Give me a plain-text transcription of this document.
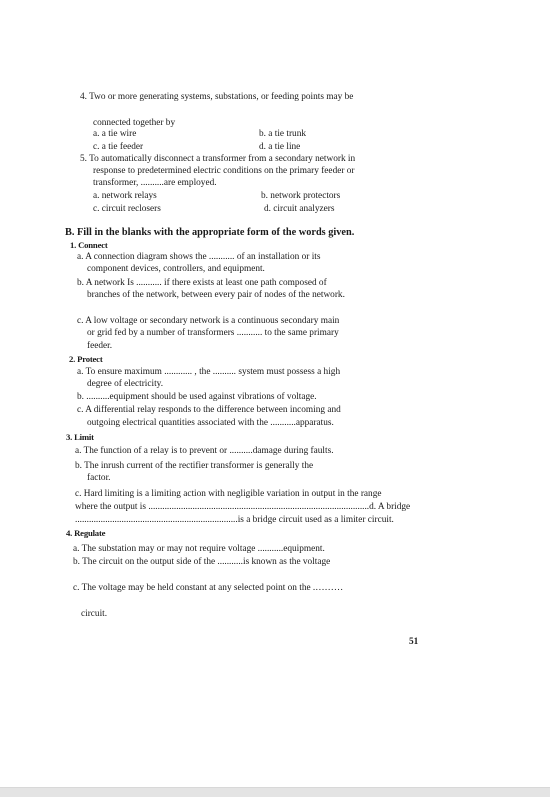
4. Two or more generating systems, substations, or feeding points may be
connected together by
a. a tie wire	b. a tie trunk
c. a tie feeder	d. a tie line
5. To automatically disconnect a transformer from a secondary network in
response to predetermined electric conditions on the primary feeder or
transformer, ..........are employed.
a. network relays	b. network protectors
c. circuit reclosers	d. circuit analyzers
B. Fill in the blanks with the appropriate form of the words given.
1. Connect
a. A connection diagram shows the ........... of an installation or its
component devices, controllers, and equipment.
b. A network Is ........... if there exists at least one path composed of
branches of the network, between every pair of nodes of the network.
c. A low voltage or secondary network is a continuous secondary main
or grid fed by a number of transformers ........... to the same primary
feeder.
2. Protect
a. To ensure maximum ............ , the .......... system must possess a high
degree of electricity.
b. ..........equipment should be used against vibrations of voltage.
c. A differential relay responds to the difference between incoming and
outgoing electrical quantities associated with the ...........apparatus.
3. Limit
a. The function of a relay is to prevent or ..........damage during faults.
b. The inrush current of the rectifier transformer is generally the
factor.
c. Hard limiting is a limiting action with negligible variation in output in the range
where the output is ...............................................................................................d. A bridge
......................................................................is a bridge circuit used as a limiter circuit.
4. Regulate
a. The substation may or may not require voltage ...........equipment.
b. The circuit on the output side of the ...........is known as the voltage
c. The voltage may be held constant at any selected point on the .………
circuit.
51
